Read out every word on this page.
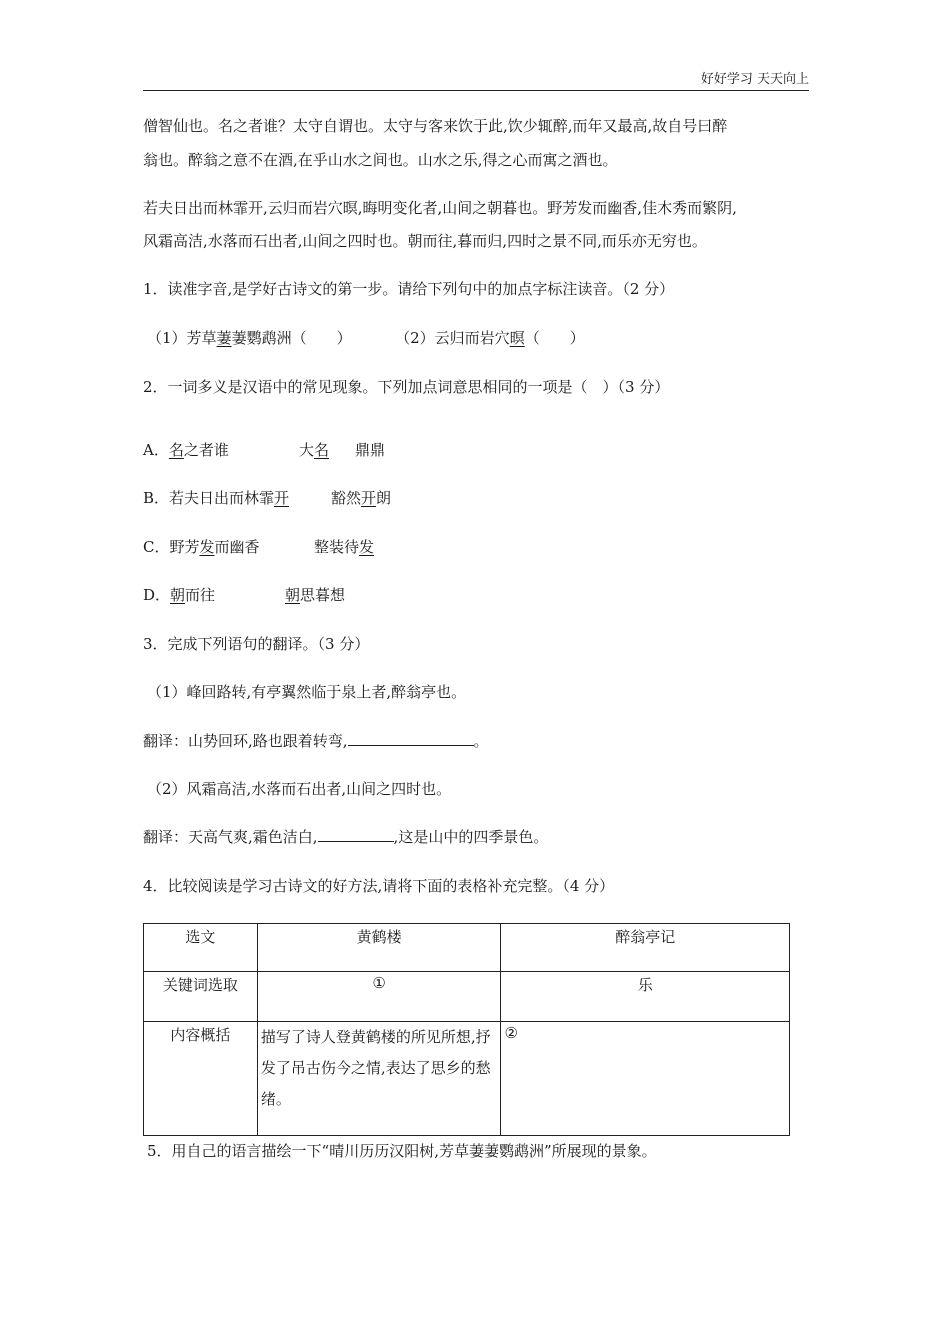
好好学习 天天向上
僧智仙也。名之者谁？太守自谓也。太守与客来饮于此,饮少辄醉,而年又最高,故自号曰醉
翁也。醉翁之意不在酒,在乎山水之间也。山水之乐,得之心而寓之酒也。
若夫日出而林霏开,云归而岩穴暝,晦明变化者,山间之朝暮也。野芳发而幽香,佳木秀而繁阴,
风霜高洁,水落而石出者,山间之四时也。朝而往,暮而归,四时之景不同,而乐亦无穷也。
1．读准字音,是学好古诗文的第一步。请给下列句中的加点字标注读音。（2 分）
（1）芳草萋萋鹦鹉洲（　　）	（2）云归而岩穴暝（　　）
2．一词多义是汉语中的常见现象。下列加点词意思相同的一项是（　）（3 分）
A．名之者谁	大名 鼎鼎
B．若夫日出而林霏开	豁然开朗
C．野芳发而幽香	整装待发
D．朝而往	朝思暮想
3．完成下列语句的翻译。（3 分）
（1）峰回路转,有亭翼然临于泉上者,醉翁亭也。
翻译：山势回环,路也跟着转弯,	。
（2）风霜高洁,水落而石出者,山间之四时也。
翻译：天高气爽,霜色洁白,	,这是山中的四季景色。
4．比较阅读是学习古诗文的好方法,请将下面的表格补充完整。（4 分）
选文	黄鹤楼	醉翁亭记
关键词选取	①	乐
内容概括	描写了诗人登黄鹤楼的所见所想,抒发了吊古伤今之情,表达了思乡的愁绪。	②
5．用自己的语言描绘一下“晴川历历汉阳树,芳草萋萋鹦鹉洲”所展现的景象。
